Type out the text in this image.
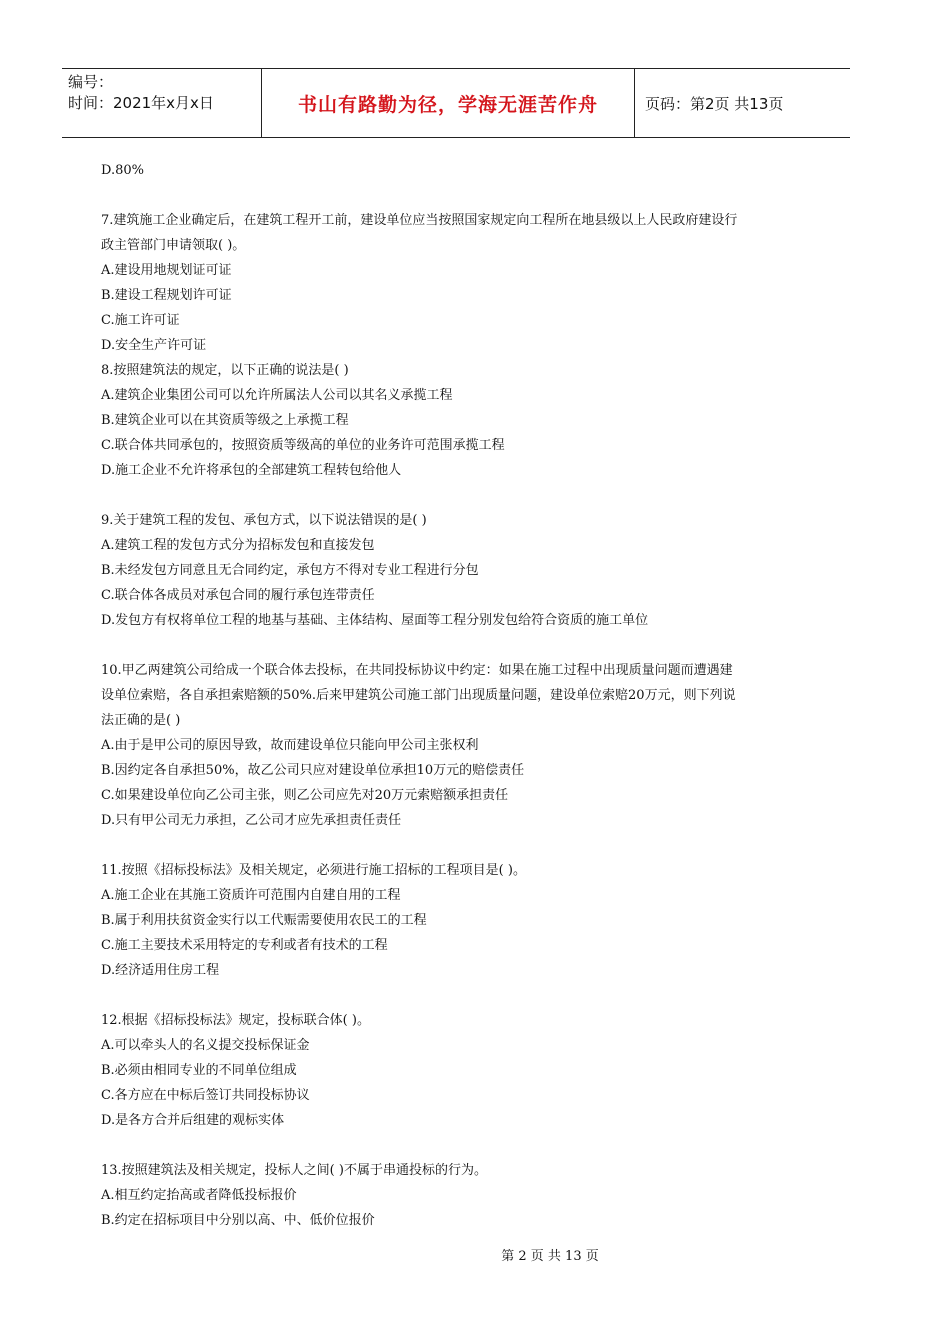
编号：
时间：2021年x月x日	书山有路勤为径，学海无涯苦作舟	页码：第2页 共13页

D.80%

7.建筑施工企业确定后，在建筑工程开工前，建设单位应当按照国家规定向工程所在地县级以上人民政府建设行

政主管部门申请领取( )。

A.建设用地规划证可证

B.建设工程规划许可证

C.施工许可证

D.安全生产许可证

8.按照建筑法的规定，以下正确的说法是( )

A.建筑企业集团公司可以允许所属法人公司以其名义承揽工程

B.建筑企业可以在其资质等级之上承揽工程

C.联合体共同承包的，按照资质等级高的单位的业务许可范围承揽工程

D.施工企业不允许将承包的全部建筑工程转包给他人

9.关于建筑工程的发包、承包方式，以下说法错误的是( )

A.建筑工程的发包方式分为招标发包和直接发包

B.未经发包方同意且无合同约定，承包方不得对专业工程进行分包

C.联合体各成员对承包合同的履行承包连带责任

D.发包方有权将单位工程的地基与基础、主体结构、屋面等工程分别发包给符合资质的施工单位

10.甲乙两建筑公司给成一个联合体去投标，在共同投标协议中约定：如果在施工过程中出现质量问题而遭遇建

设单位索赔，各自承担索赔额的50%.后来甲建筑公司施工部门出现质量问题，建设单位索赔20万元，则下列说

法正确的是( )

A.由于是甲公司的原因导致，故而建设单位只能向甲公司主张权利

B.因约定各自承担50%，故乙公司只应对建设单位承担10万元的赔偿责任

C.如果建设单位向乙公司主张，则乙公司应先对20万元索赔额承担责任

D.只有甲公司无力承担，乙公司才应先承担责任责任

11.按照《招标投标法》及相关规定，必须进行施工招标的工程项目是( )。

A.施工企业在其施工资质许可范围内自建自用的工程

B.属于利用扶贫资金实行以工代赈需要使用农民工的工程

C.施工主要技术采用特定的专利或者有技术的工程

D.经济适用住房工程

12.根据《招标投标法》规定，投标联合体( )。

A.可以牵头人的名义提交投标保证金

B.必须由相同专业的不同单位组成

C.各方应在中标后签订共同投标协议

D.是各方合并后组建的观标实体

13.按照建筑法及相关规定，投标人之间( )不属于串通投标的行为。

A.相互约定抬高或者降低投标报价

B.约定在招标项目中分别以高、中、低价位报价

第 2 页 共 13 页
